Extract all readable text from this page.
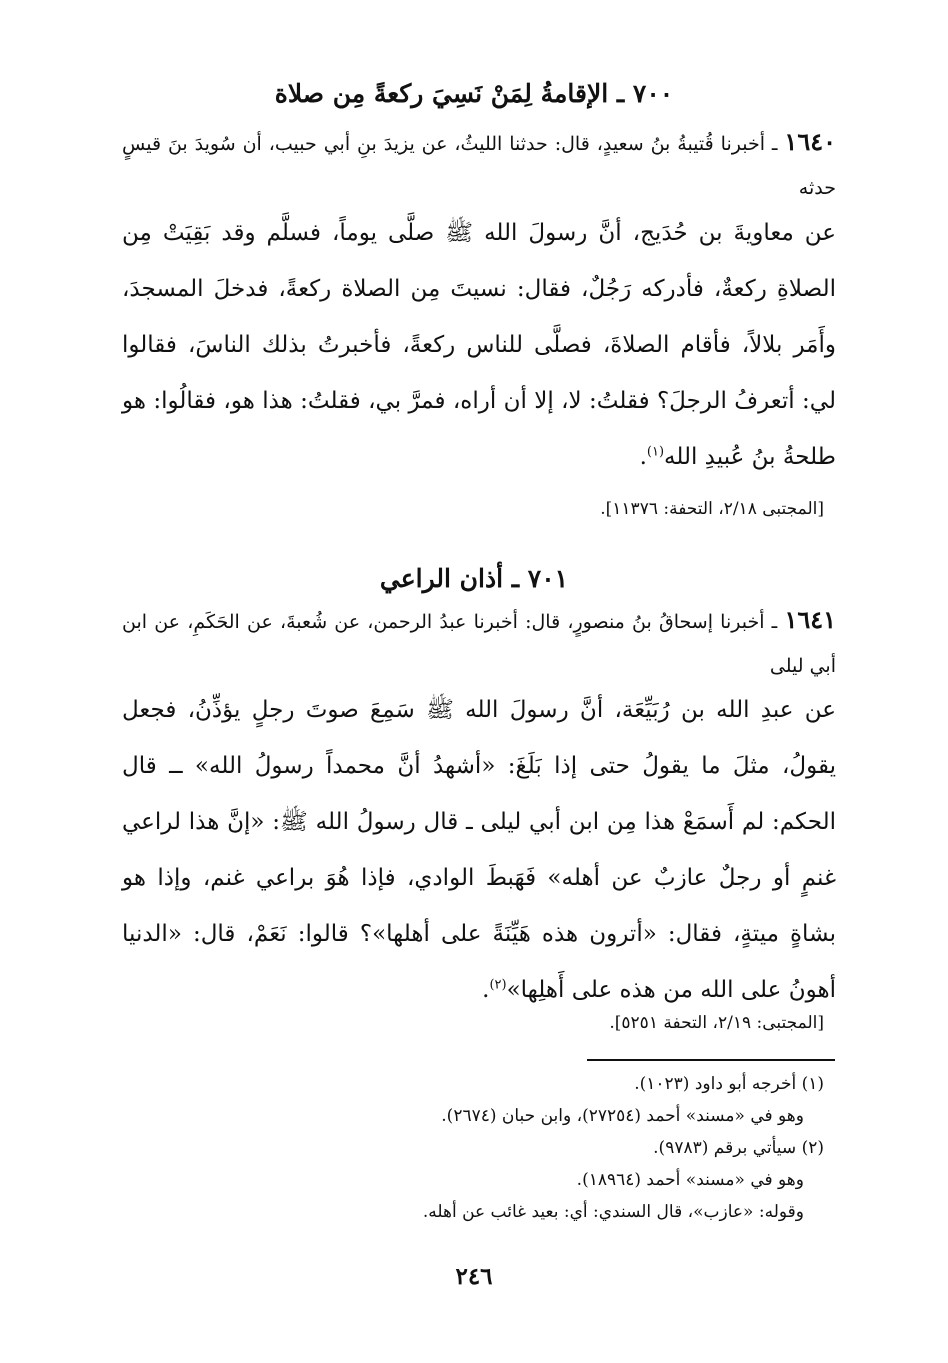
٧٠٠ ـ الإقامةُ لِمَنْ نَسِيَ ركعةً مِن صلاة

١٦٤٠ ـ أخبرنا قُتيبةُ بنُ سعيدٍ، قال: حدثنا الليثُ، عن يزيدَ بنِ أبي حبيب، أن سُويدَ بنَ قيسٍ حدثه

عن معاويةَ بن حُدَيج، أنَّ رسولَ الله ﷺ صلَّى يوماً، فسلَّم وقد بَقِيَتْ مِن الصلاةِ ركعةٌ، فأدركه رَجُلٌ، فقال: نسيتَ مِن الصلاة ركعةً، فدخلَ المسجدَ، وأَمَر بلالاً، فأقام الصلاةَ، فصلَّى للناس ركعةً، فأخبرتُ بذلك الناسَ، فقالوا لي: أتعرفُ الرجلَ؟ فقلتُ: لا، إلا أن أراه، فمرَّ بي، فقلتُ: هذا هو، فقالُوا: هو طلحةُ بنُ عُبيدِ الله$^{(١)}$.

[المجتبى ٢/١٨، التحفة: ١١٣٧٦].

٧٠١ ـ أذان الراعي

١٦٤١ ـ أخبرنا إسحاقُ بنُ منصورٍ، قال: أخبرنا عبدُ الرحمن، عن شُعبةَ، عن الحَكَمِ، عن ابن أبي ليلى

عن عبدِ الله بن رُبَيِّعَة، أنَّ رسولَ الله ﷺ سَمِعَ صوتَ رجلٍ يؤذِّنُ، فجعل يقولُ، مثلَ ما يقولُ حتى إذا بَلَغَ: «أشهدُ أنَّ محمداً رسولُ الله» ــ قال الحكم: لم أَسمَعْ هذا مِن ابن أبي ليلى ـ قال رسولُ الله ﷺ: «إنَّ هذا لراعي غنمٍ أو رجلٌ عازبٌ عن أهله» فَهَبطَ الوادي، فإذا هُوَ براعي غنم، وإذا هو بشاةٍ ميتةٍ، فقال: «أترون هذه هَيِّنَةً على أهلها»؟ قالوا: نَعَمْ، قال: «الدنيا أهونُ على الله من هذه على أَهلِها»$^{(٢)}$.

[المجتبى: ٢/١٩، التحفة ٥٢٥١].

(١) أخرجه أبو داود (١٠٢٣).
وهو في «مسند» أحمد (٢٧٢٥٤)، وابن حبان (٢٦٧٤).
(٢) سيأتي برقم (٩٧٨٣).
وهو في «مسند» أحمد (١٨٩٦٤).
وقوله: «عازب»، قال السندي: أي: بعيد غائب عن أهله.
٢٤٦
